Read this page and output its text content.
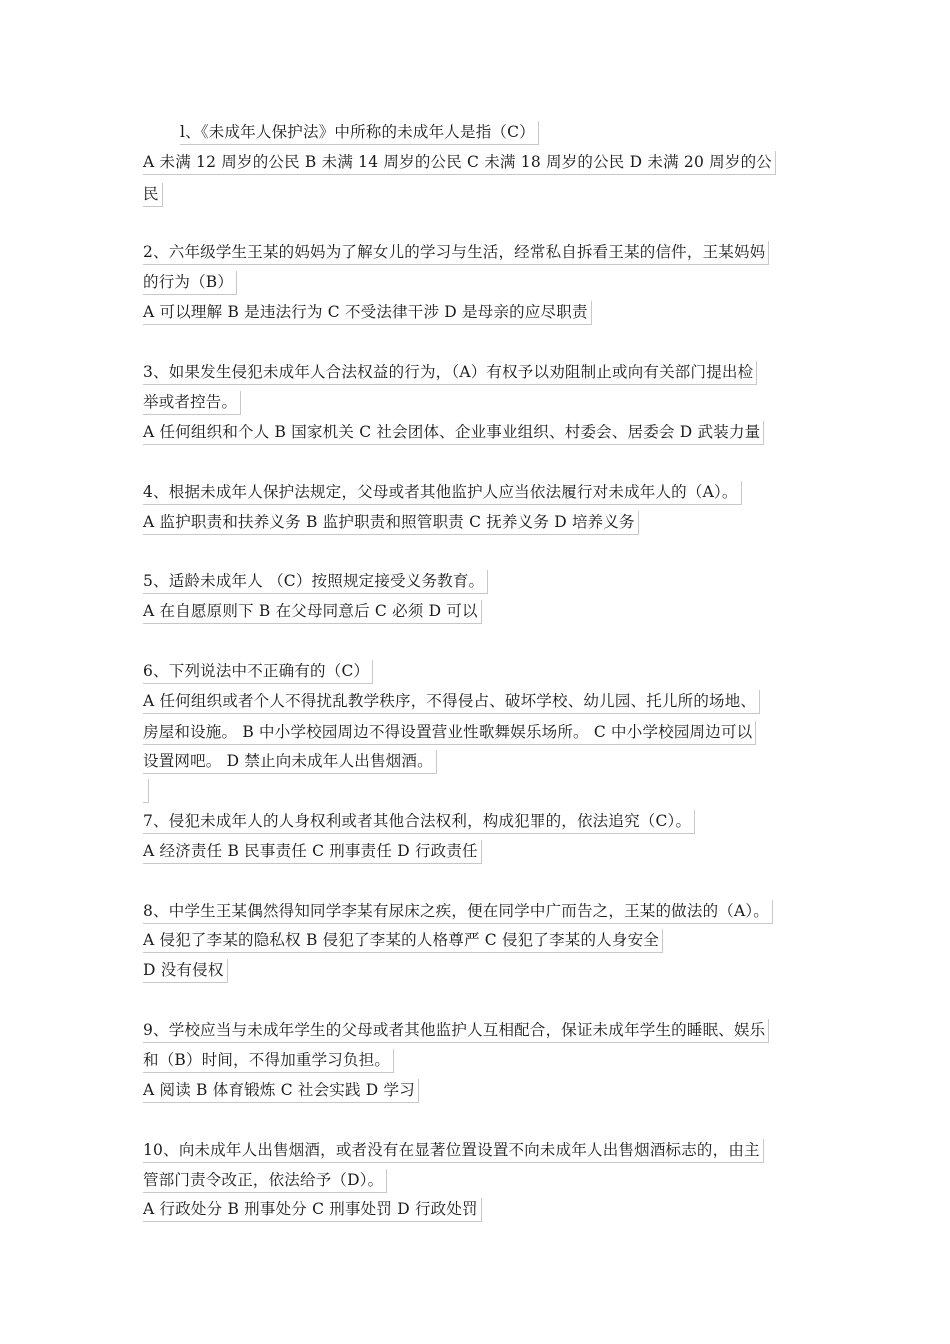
l、《未成年人保护法》中所称的未成年人是指（C）
A 未满 12 周岁的公民 B 未满 14 周岁的公民 C 未满 18 周岁的公民 D 未满 20 周岁的公
民
2、六年级学生王某的妈妈为了解女儿的学习与生活，经常私自拆看王某的信件，王某妈妈
的行为（B）
A 可以理解 B 是违法行为 C 不受法律干涉 D 是母亲的应尽职责
3、如果发生侵犯未成年人合法权益的行为，（A）有权予以劝阻制止或向有关部门提出检
举或者控告。
A 任何组织和个人 B 国家机关 C 社会团体、企业事业组织、村委会、居委会 D 武装力量
4、根据未成年人保护法规定，父母或者其他监护人应当依法履行对未成年人的（A）。
A 监护职责和扶养义务 B 监护职责和照管职责 C 抚养义务 D 培养义务
5、适龄未成年人 （C）按照规定接受义务教育。
A 在自愿原则下 B 在父母同意后 C 必须 D 可以
6、下列说法中不正确有的（C）
A 任何组织或者个人不得扰乱教学秩序，不得侵占、破坏学校、幼儿园、托儿所的场地、
房屋和设施。 B 中小学校园周边不得设置营业性歌舞娱乐场所。 C 中小学校园周边可以
设置网吧。 D 禁止向未成年人出售烟酒。
7、侵犯未成年人的人身权利或者其他合法权利，构成犯罪的，依法追究（C）。
A 经济责任 B 民事责任 C 刑事责任 D 行政责任
8、中学生王某偶然得知同学李某有尿床之疾，便在同学中广而告之，王某的做法的（A）。
A 侵犯了李某的隐私权 B 侵犯了李某的人格尊严 C 侵犯了李某的人身安全
D 没有侵权
9、学校应当与未成年学生的父母或者其他监护人互相配合，保证未成年学生的睡眠、娱乐
和（B）时间，不得加重学习负担。
A 阅读 B 体育锻炼 C 社会实践 D 学习
10、向未成年人出售烟酒，或者没有在显著位置设置不向未成年人出售烟酒标志的，由主
管部门责令改正，依法给予（D）。
A 行政处分 B 刑事处分 C 刑事处罚 D 行政处罚
